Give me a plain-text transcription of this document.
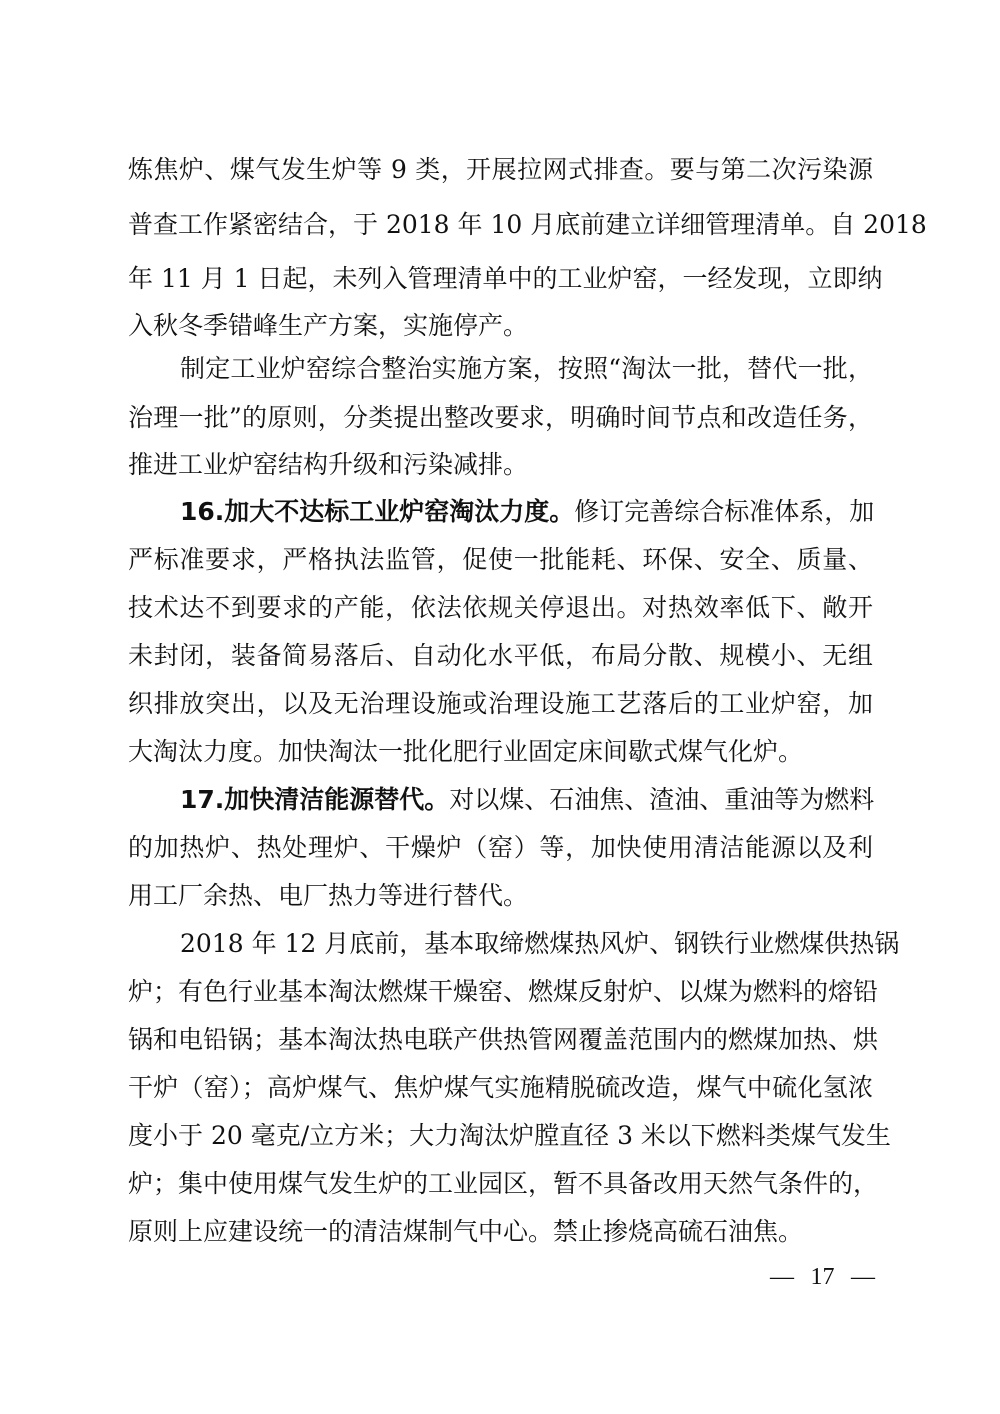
炼焦炉、煤气发生炉等 9 类，开展拉网式排查。要与第二次污染源
普查工作紧密结合，于 2018 年 10 月底前建立详细管理清单。自 2018
年 11 月 1 日起，未列入管理清单中的工业炉窑，一经发现，立即纳
入秋冬季错峰生产方案，实施停产。
制定工业炉窑综合整治实施方案，按照“淘汰一批，替代一批，
治理一批”的原则，分类提出整改要求，明确时间节点和改造任务，
推进工业炉窑结构升级和污染减排。
16.加大不达标工业炉窑淘汰力度。修订完善综合标准体系，加
严标准要求，严格执法监管，促使一批能耗、环保、安全、质量、
技术达不到要求的产能，依法依规关停退出。对热效率低下、敞开
未封闭，装备简易落后、自动化水平低，布局分散、规模小、无组
织排放突出，以及无治理设施或治理设施工艺落后的工业炉窑，加
大淘汰力度。加快淘汰一批化肥行业固定床间歇式煤气化炉。
17.加快清洁能源替代。对以煤、石油焦、渣油、重油等为燃料
的加热炉、热处理炉、干燥炉（窑）等，加快使用清洁能源以及利
用工厂余热、电厂热力等进行替代。
2018 年 12 月底前，基本取缔燃煤热风炉、钢铁行业燃煤供热锅
炉；有色行业基本淘汰燃煤干燥窑、燃煤反射炉、以煤为燃料的熔铅
锅和电铅锅；基本淘汰热电联产供热管网覆盖范围内的燃煤加热、烘
干炉（窑）；高炉煤气、焦炉煤气实施精脱硫改造，煤气中硫化氢浓
度小于 20 毫克/立方米；大力淘汰炉膛直径 3 米以下燃料类煤气发生
炉；集中使用煤气发生炉的工业园区，暂不具备改用天然气条件的，
原则上应建设统一的清洁煤制气中心。禁止掺烧高硫石油焦。
— 17 —
